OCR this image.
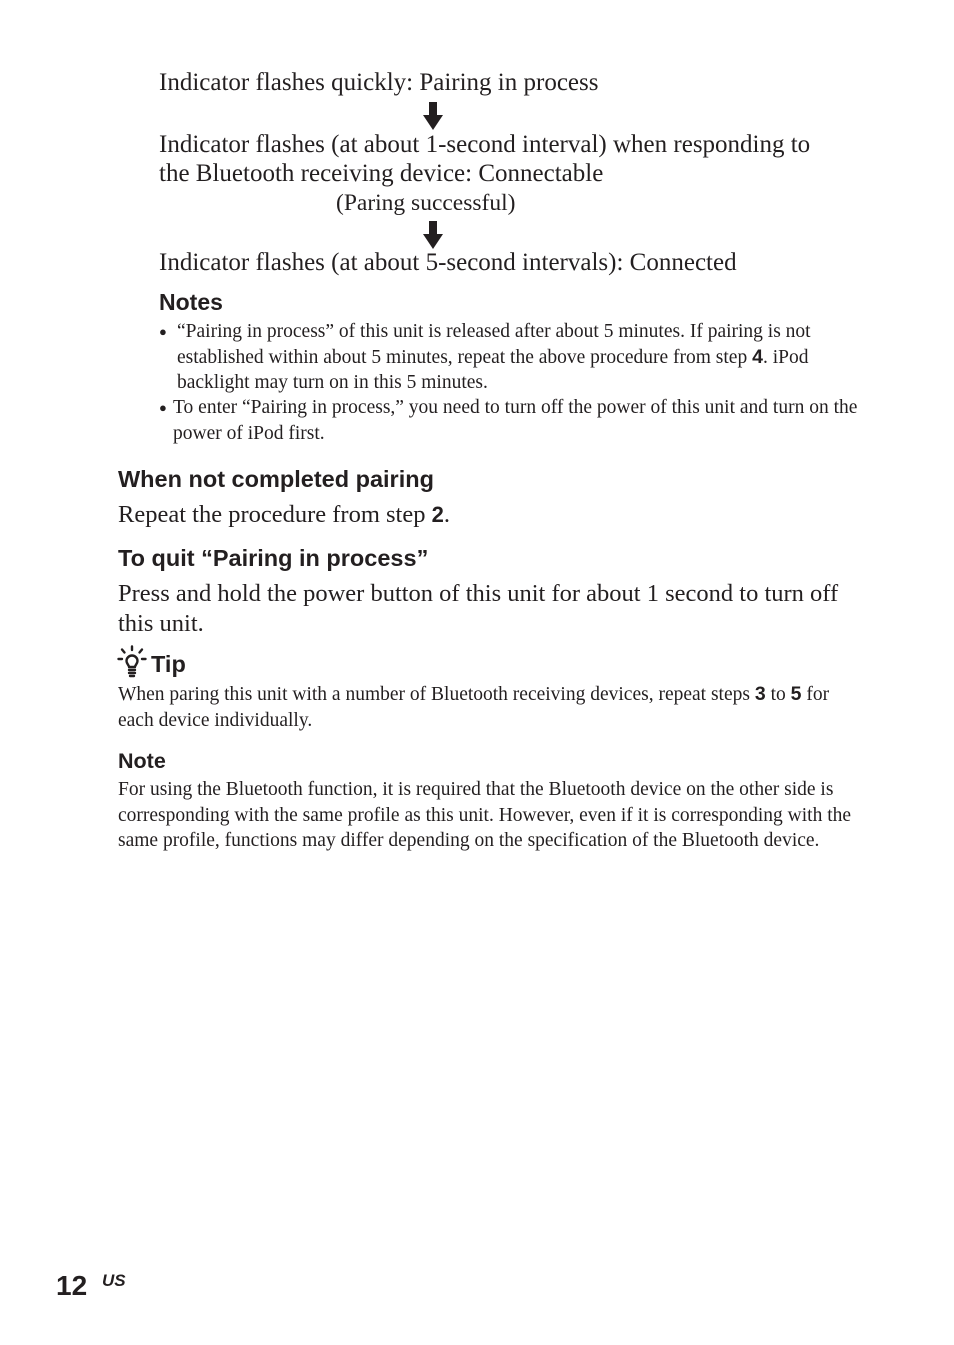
Indicator flashes quickly: Pairing in process
Indicator flashes (at about 1-second interval) when responding to
the Bluetooth receiving device: Connectable
(Paring successful)
Indicator flashes (at about 5-second intervals): Connected
Notes
● “Pairing in process” of this unit is released after about 5 minutes. If pairing is not established within about 5 minutes, repeat the above procedure from step 4. iPod backlight may turn on in this 5 minutes.
● To enter “Pairing in process,” you need to turn off the power of this unit and turn on the power of iPod first.
When not completed pairing
Repeat the procedure from step 2.
To quit “Pairing in process”
Press and hold the power button of this unit for about 1 second to turn off this unit.
Tip
When paring this unit with a number of Bluetooth receiving devices, repeat steps 3 to 5 for each device individually.
Note
For using the Bluetooth function, it is required that the Bluetooth device on the other side is corresponding with the same profile as this unit. However, even if it is corresponding with the same profile, functions may differ depending on the specification of the Bluetooth device.
12 US
